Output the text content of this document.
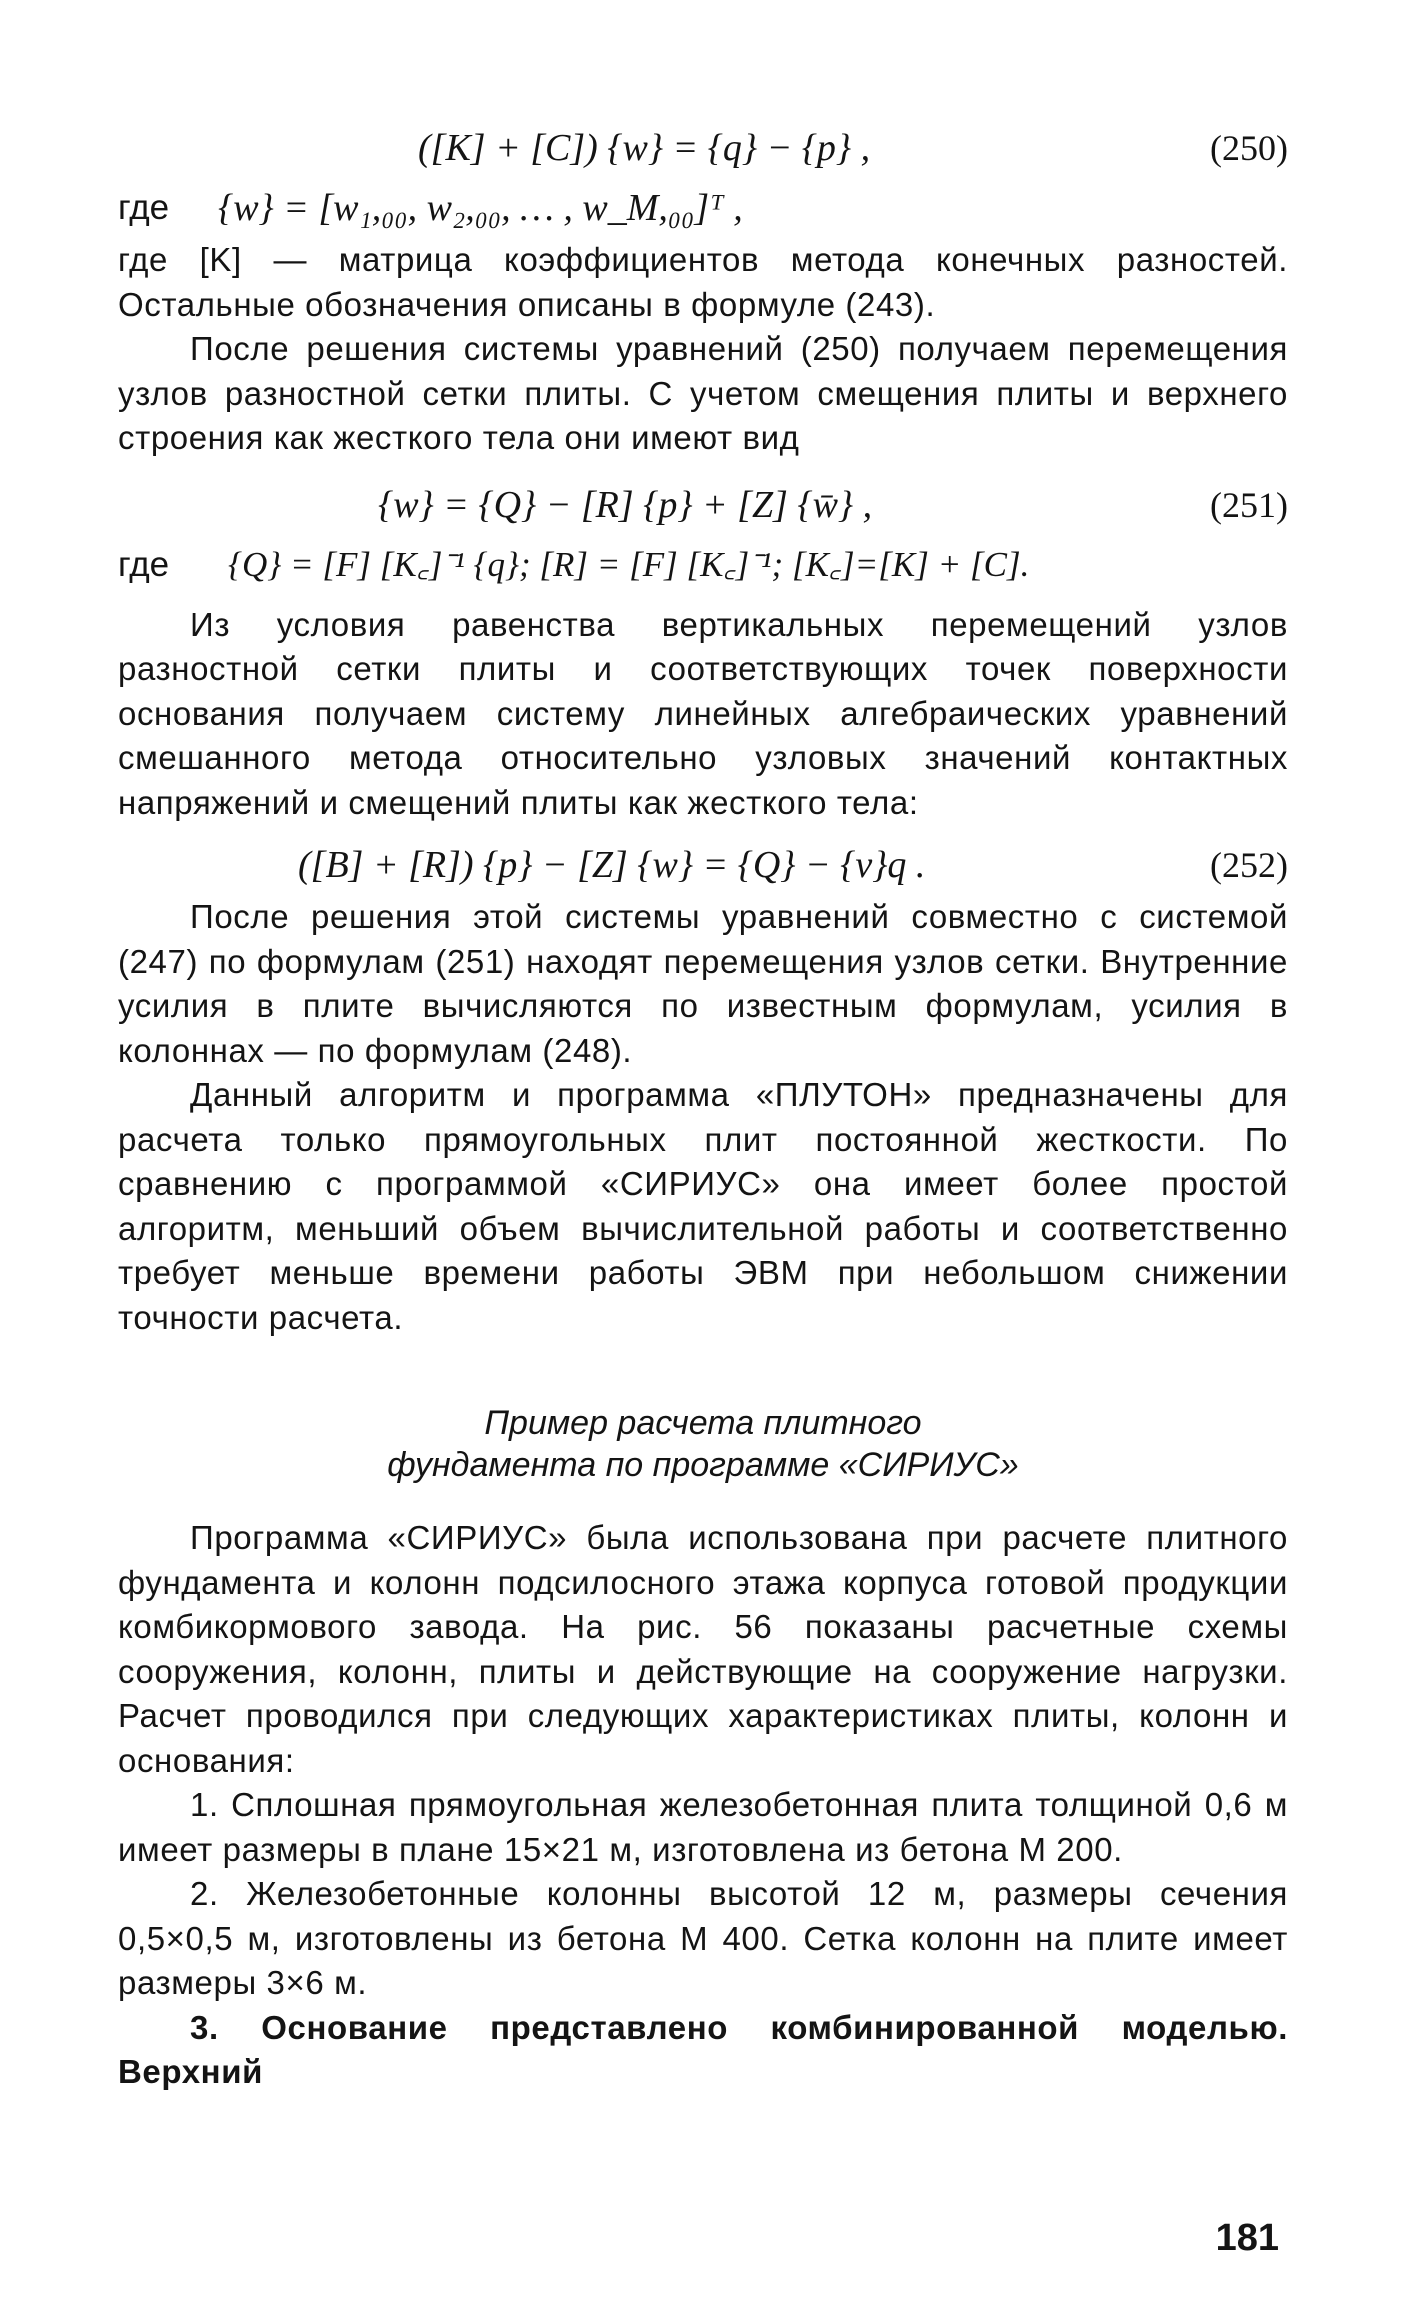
([K] + [C]) {w} = {q} − {p} ,	(250)
где {w} = [w₁,₀₀, w₂,₀₀, … , w_M,₀₀]ᵀ ,

где [K] — матрица коэффициентов метода конечных разностей. Остальные обозначения описаны в формуле (243).

После решения системы уравнений (250) получаем перемещения узлов разностной сетки плиты. С учетом смещения плиты и верхнего строения как жесткого тела они имеют вид

{w} = {Q} − [R] {p} + [Z] {w̄} ,	(251)
где {Q} = [F] [K꜀]⁻¹ {q}; [R] = [F] [K꜀]⁻¹; [K꜀]=[K] + [C].

Из условия равенства вертикальных перемещений узлов разностной сетки плиты и соответствующих точек поверхности основания получаем систему линейных алгебраических уравнений смешанного метода относительно узловых значений контактных напряжений и смещений плиты как жесткого тела:

([B] + [R]) {p} − [Z] {w} = {Q} − {v}q .	(252)

После решения этой системы уравнений совместно с системой (247) по формулам (251) находят перемещения узлов сетки. Внутренние усилия в плите вычисляются по известным формулам, усилия в колоннах — по формулам (248).

Данный алгоритм и программа «ПЛУТОН» предназначены для расчета только прямоугольных плит постоянной жесткости. По сравнению с программой «СИРИУС» она имеет более простой алгоритм, меньший объем вычислительной работы и соответственно требует меньше времени работы ЭВМ при небольшом снижении точности расчета.

Пример расчета плитного

фундамента по программе «СИРИУС»

Программа «СИРИУС» была использована при расчете плитного фундамента и колонн подсилосного этажа корпуса готовой продукции комбикормового завода. На рис. 56 показаны расчетные схемы сооружения, колонн, плиты и действующие на сооружение нагрузки. Расчет проводился при следующих характеристиках плиты, колонн и основания:

1. Сплошная прямоугольная железобетонная плита толщиной 0,6 м имеет размеры в плане 15×21 м, изготовлена из бетона М 200.

2. Железобетонные колонны высотой 12 м, размеры сечения 0,5×0,5 м, изготовлены из бетона М 400. Сетка колонн на плите имеет размеры 3×6 м.

3. Основание представлено комбинированной моделью. Верхний

181
